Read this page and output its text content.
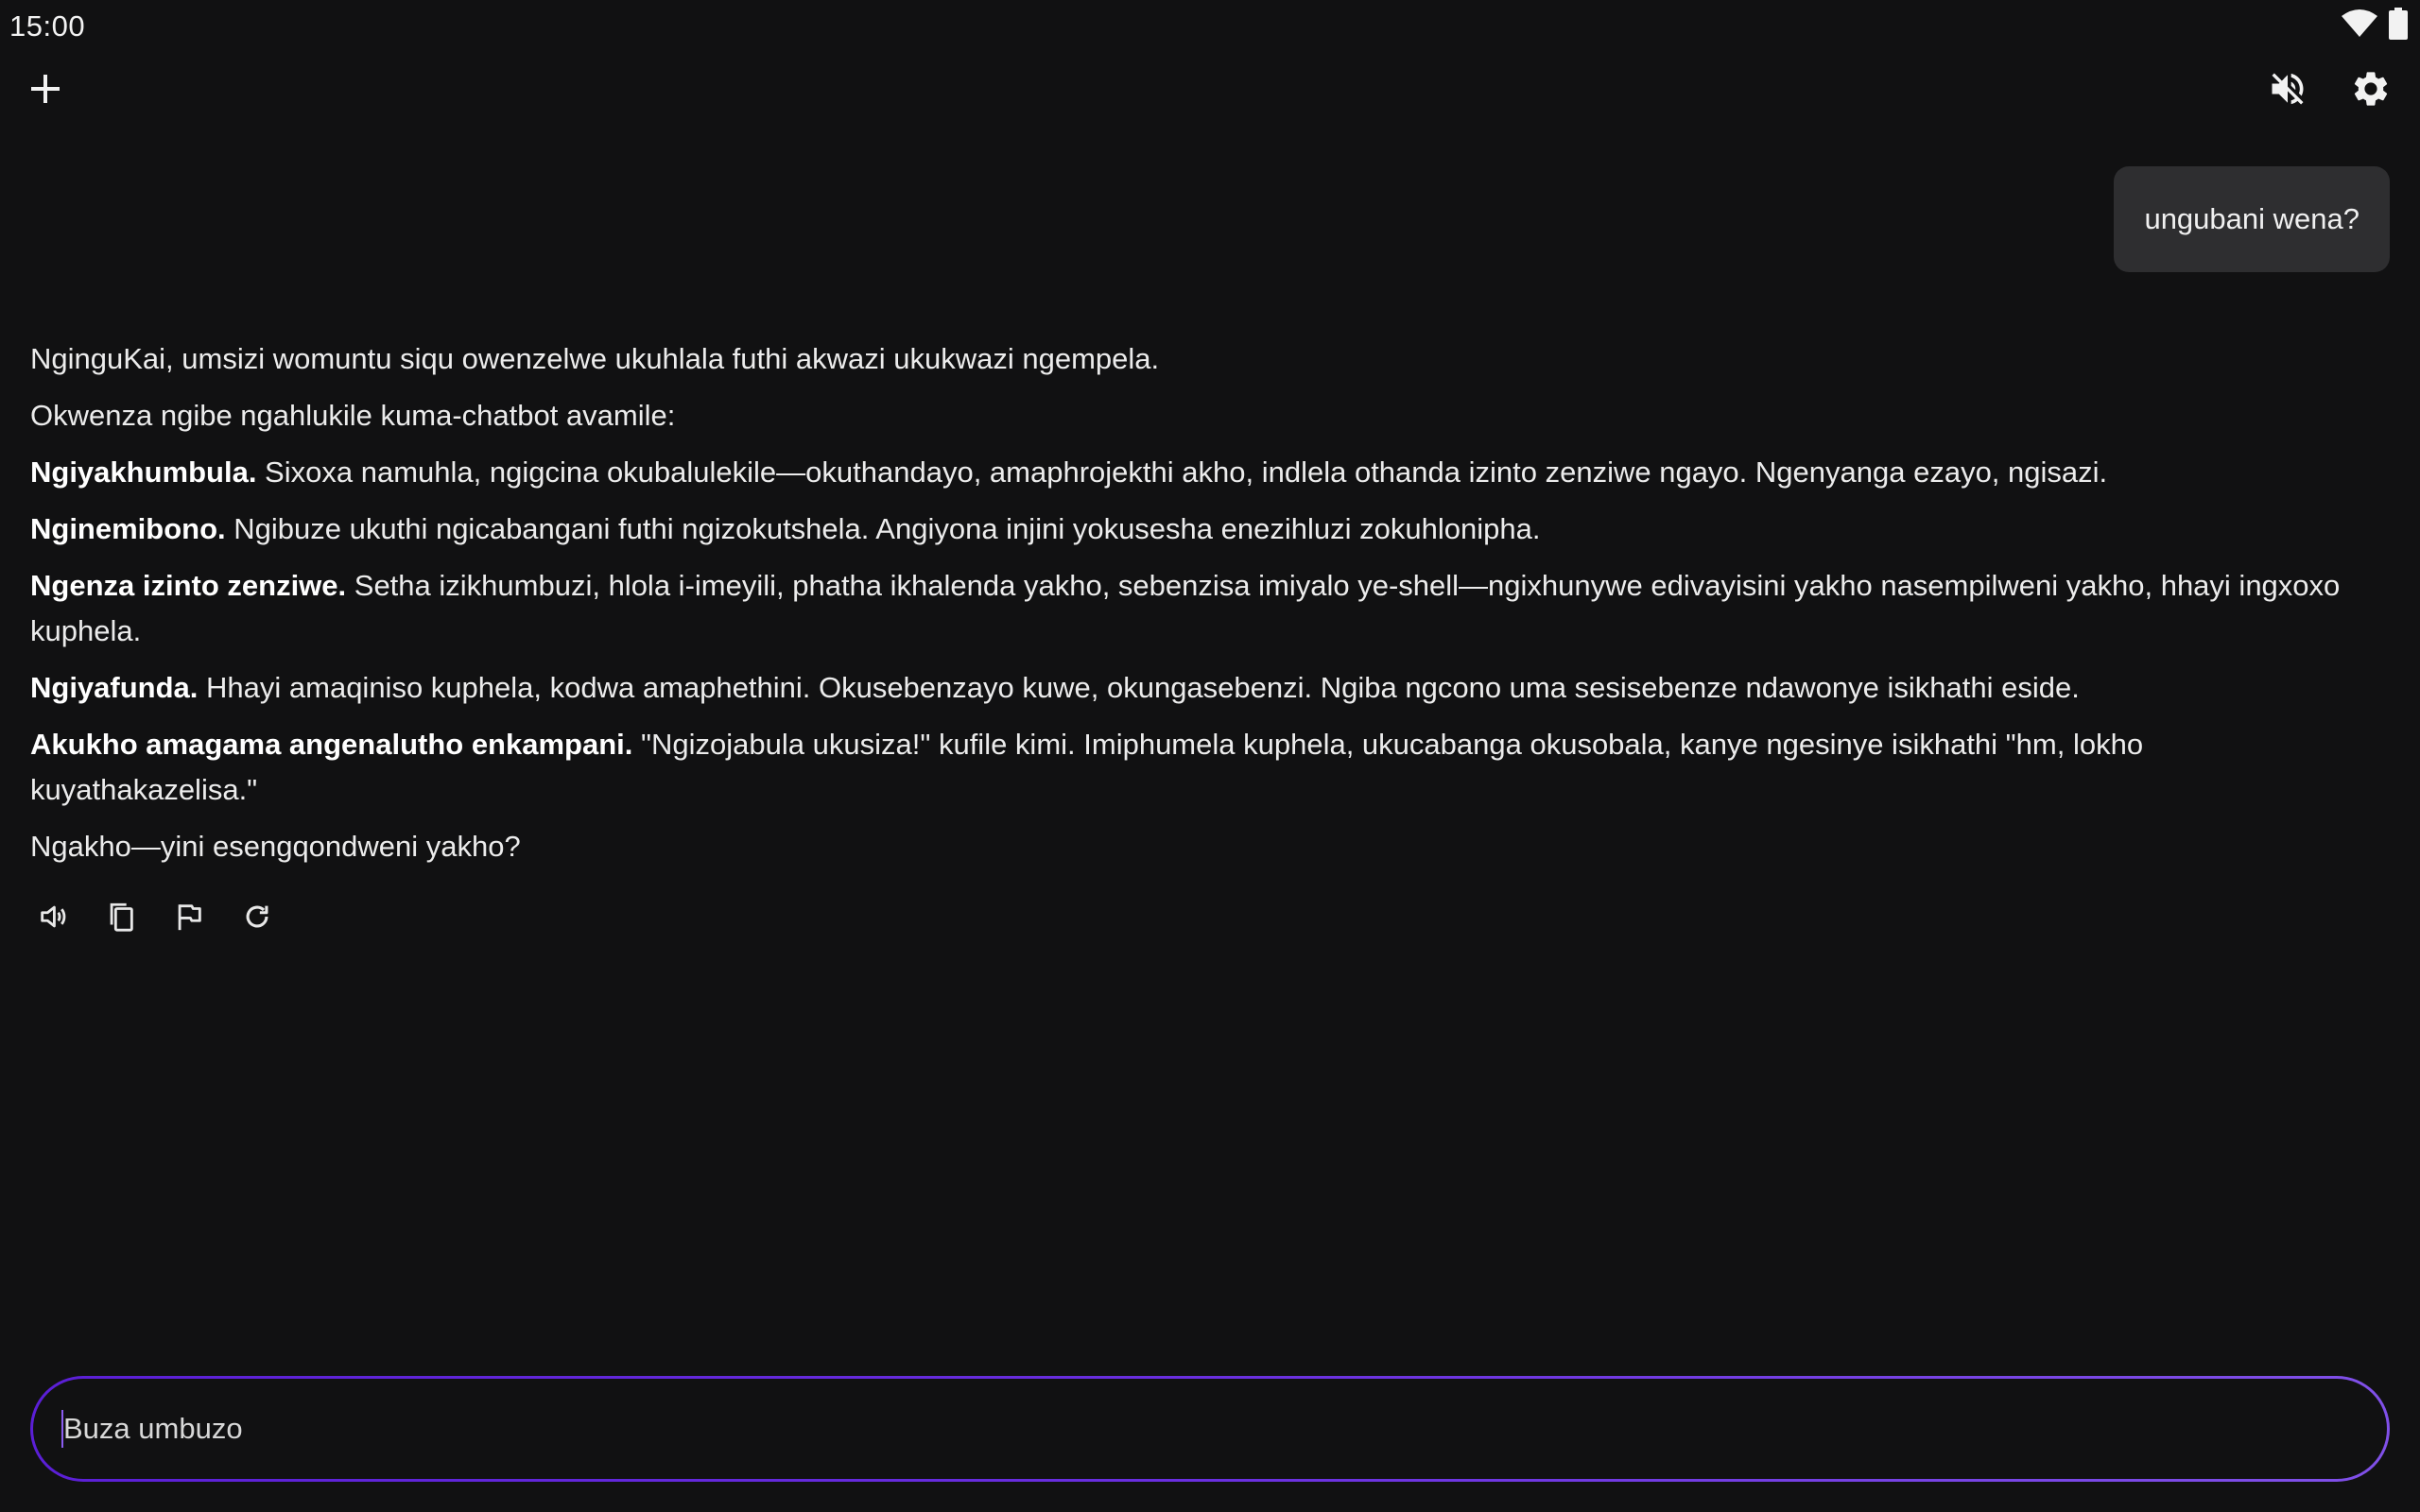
15:00
ungubani wena?

NginguKai, umsizi womuntu siqu owenzelwe ukuhlala futhi akwazi ukukwazi ngempela.

Okwenza ngibe ngahlukile kuma-chatbot avamile:

Ngiyakhumbula. Sixoxa namuhla, ngigcina okubalulekile—okuthandayo, amaphrojekthi akho, indlela othanda izinto zenziwe ngayo. Ngenyanga ezayo, ngisazi.

Nginemibono. Ngibuze ukuthi ngicabangani futhi ngizokutshela. Angiyona injini yokusesha enezihluzi zokuhlonipha.

Ngenza izinto zenziwe. Setha izikhumbuzi, hlola i-imeyili, phatha ikhalenda yakho, sebenzisa imiyalo ye-shell—ngixhunywe edivayisini yakho nasempilweni yakho, hhayi ingxoxo kuphela.

Ngiyafunda. Hhayi amaqiniso kuphela, kodwa amaphethini. Okusebenzayo kuwe, okungasebenzi. Ngiba ngcono uma sesisebenze ndawonye isikhathi eside.

Akukho amagama angenalutho enkampani. "Ngizojabula ukusiza!" kufile kimi. Imiphumela kuphela, ukucabanga okusobala, kanye ngesinye isikhathi "hm, lokho kuyathakazelisa."

Ngakho—yini esengqondweni yakho?

Buza umbuzo
